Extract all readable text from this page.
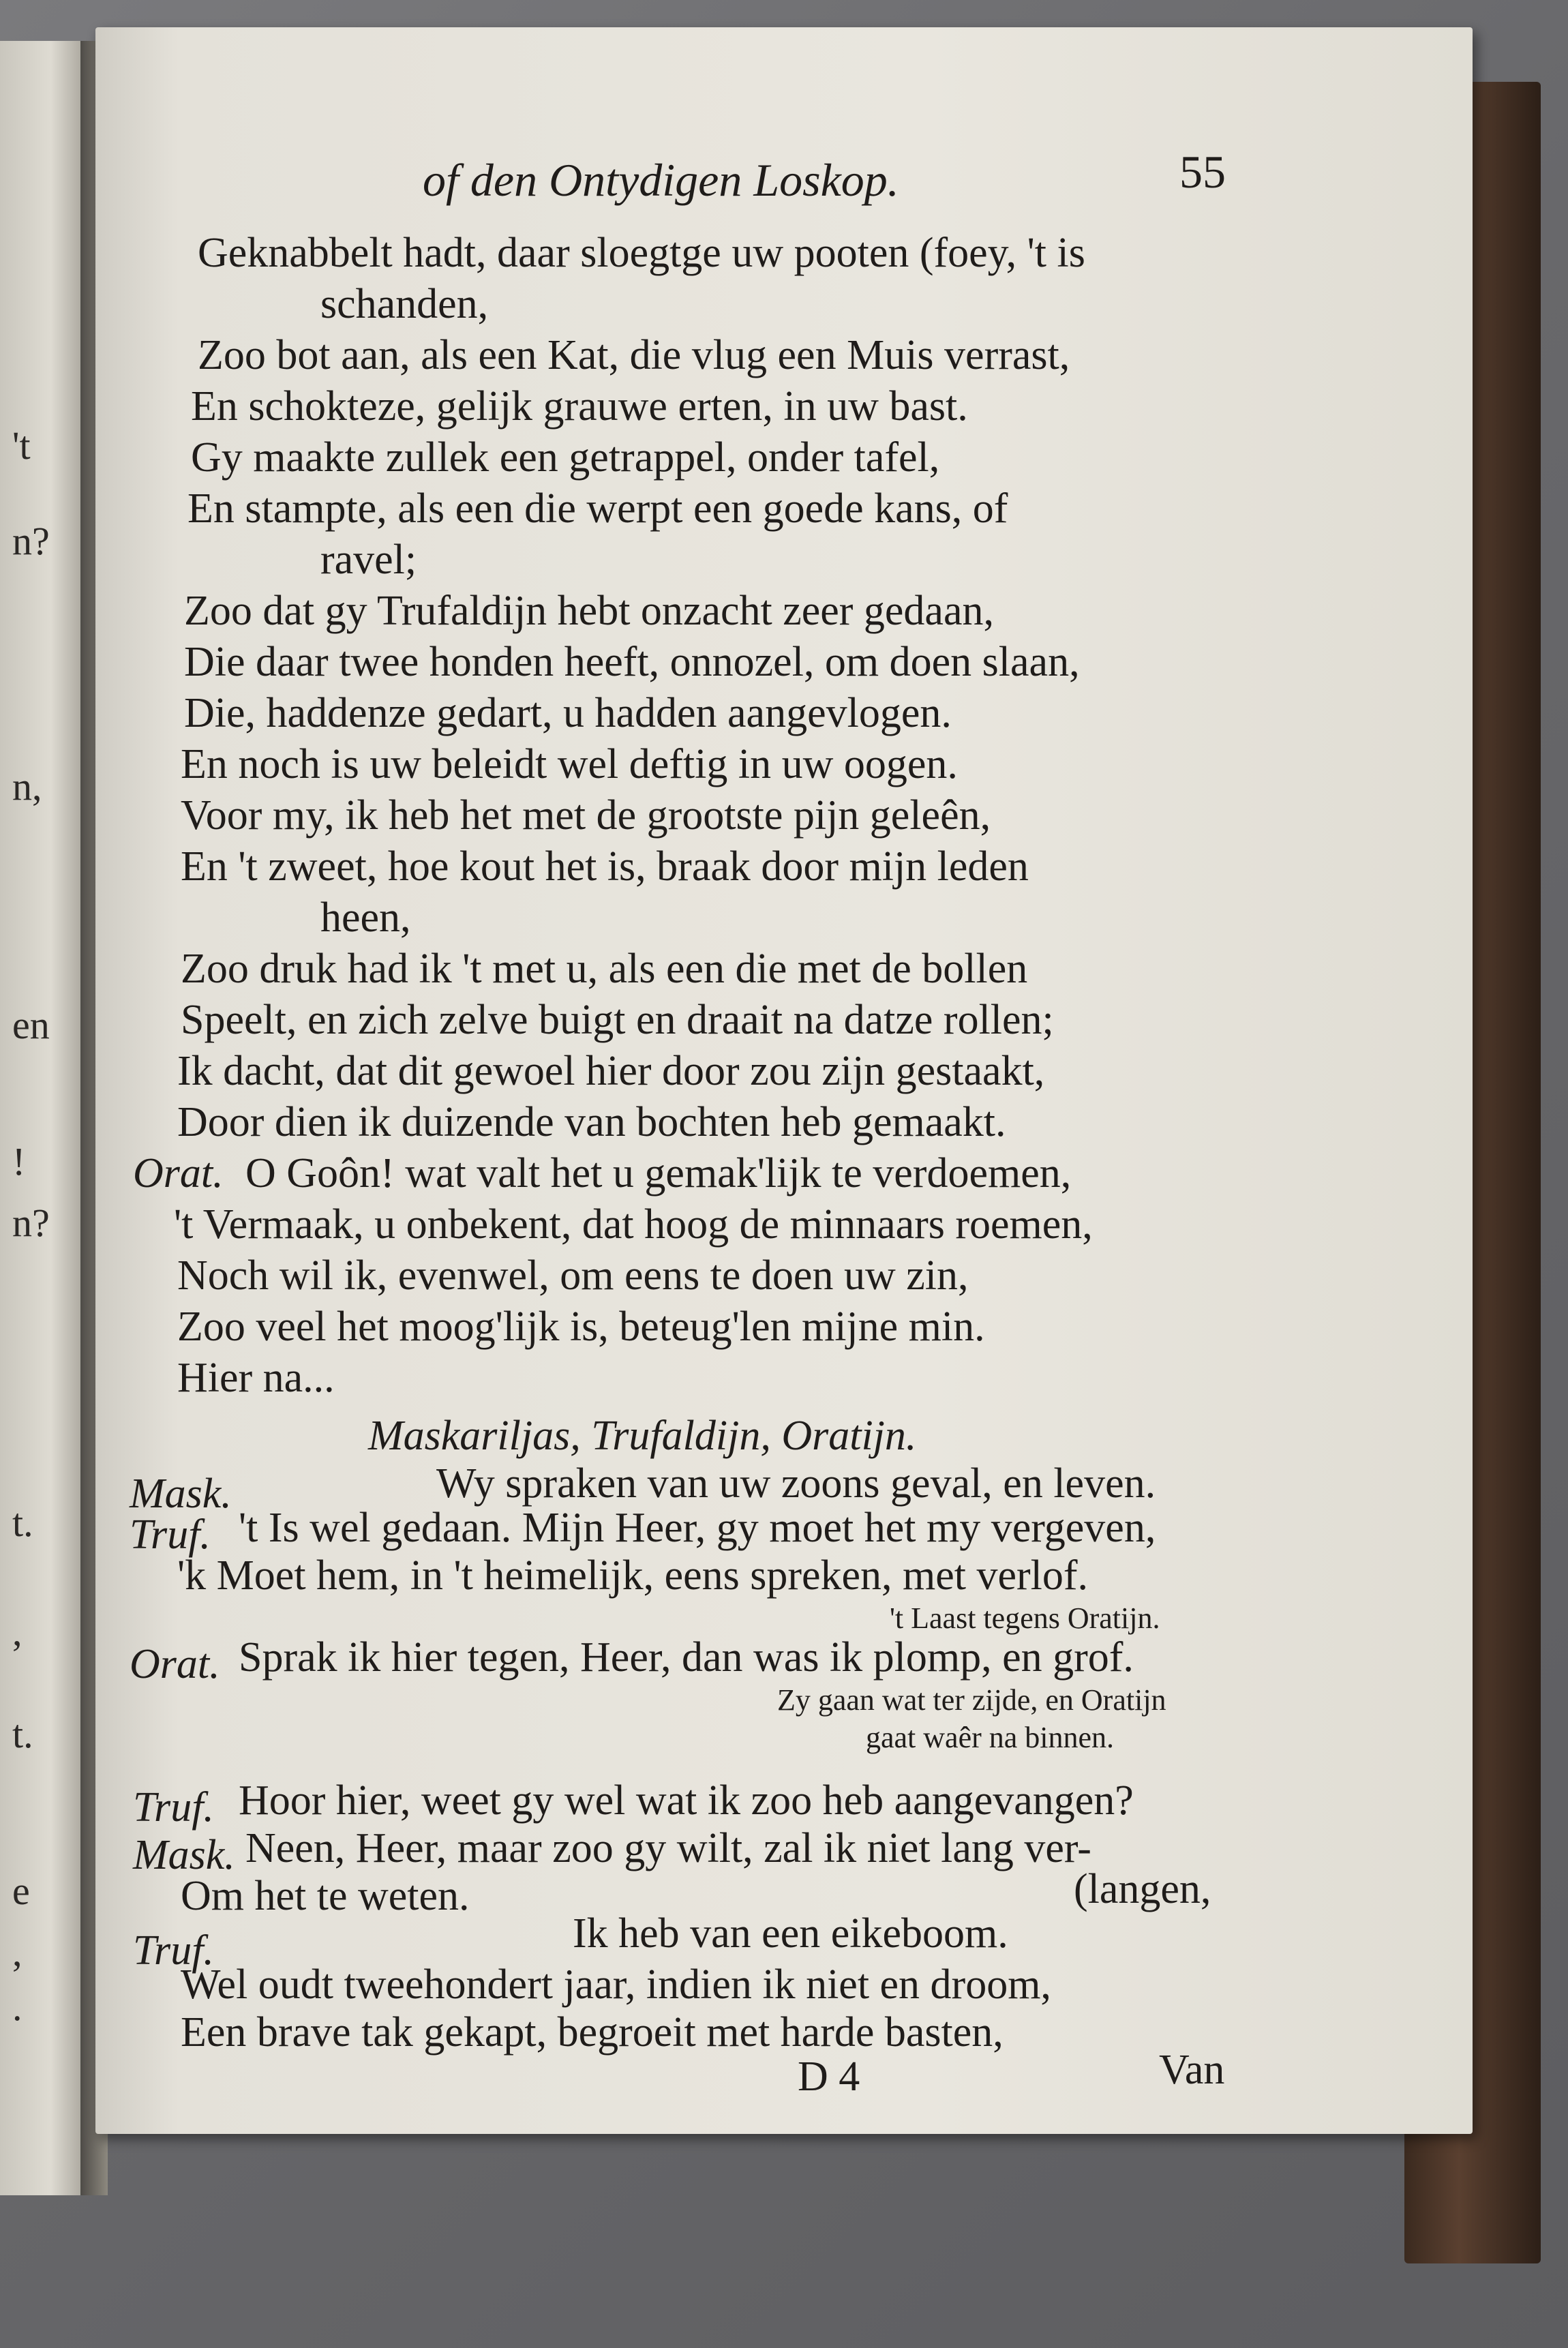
't
n?
n,
en
!
n?
t.
,
t.
e
,
.
of den Ontydigen Loskop.	55
Geknabbelt hadt, daar sloegtge uw pooten (foey, 't is
schanden,
Zoo bot aan, als een Kat, die vlug een Muis verrast,
En schokteze, gelijk grauwe erten, in uw bast.
Gy maakte zullek een getrappel, onder tafel,
En stampte, als een die werpt een goede kans, of
ravel;
Zoo dat gy Trufaldijn hebt onzacht zeer gedaan,
Die daar twee honden heeft, onnozel, om doen slaan,
Die, haddenze gedart, u hadden aangevlogen.
En noch is uw beleidt wel deftig in uw oogen.
Voor my, ik heb het met de grootste pijn geleên,
En 't zweet, hoe kout het is, braak door mijn leden
heen,
Zoo druk had ik 't met u, als een die met de bollen
Speelt, en zich zelve buigt en draait na datze rollen;
Ik dacht, dat dit gewoel hier door zou zijn gestaakt,
Door dien ik duizende van bochten heb gemaakt.
Orat. O Goôn! wat valt het u gemak'lijk te verdoemen,
't Vermaak, u onbekent, dat hoog de minnaars roemen,
Noch wil ik, evenwel, om eens te doen uw zin,
Zoo veel het moog'lijk is, beteug'len mijne min.
Hier na...
Maskariljas, Trufaldijn, Oratijn.
Mask.	Wy spraken van uw zoons geval, en leven.
Truf. 't Is wel gedaan. Mijn Heer, gy moet het my vergeven,
'k Moet hem, in 't heimelijk, eens spreken, met verlof.
't Laast tegens Oratijn.
Orat. Sprak ik hier tegen, Heer, dan was ik plomp, en grof.
Zy gaan wat ter zijde, en Oratijn
gaat waêr na binnen.
Truf. Hoor hier, weet gy wel wat ik zoo heb aangevangen?
Mask. Neen, Heer, maar zoo gy wilt, zal ik niet lang ver-
Om het te weten.	(langen,
Truf.	Ik heb van een eikeboom.
Wel oudt tweehondert jaar, indien ik niet en droom,
Een brave tak gekapt, begroeit met harde basten,
D 4	Van
